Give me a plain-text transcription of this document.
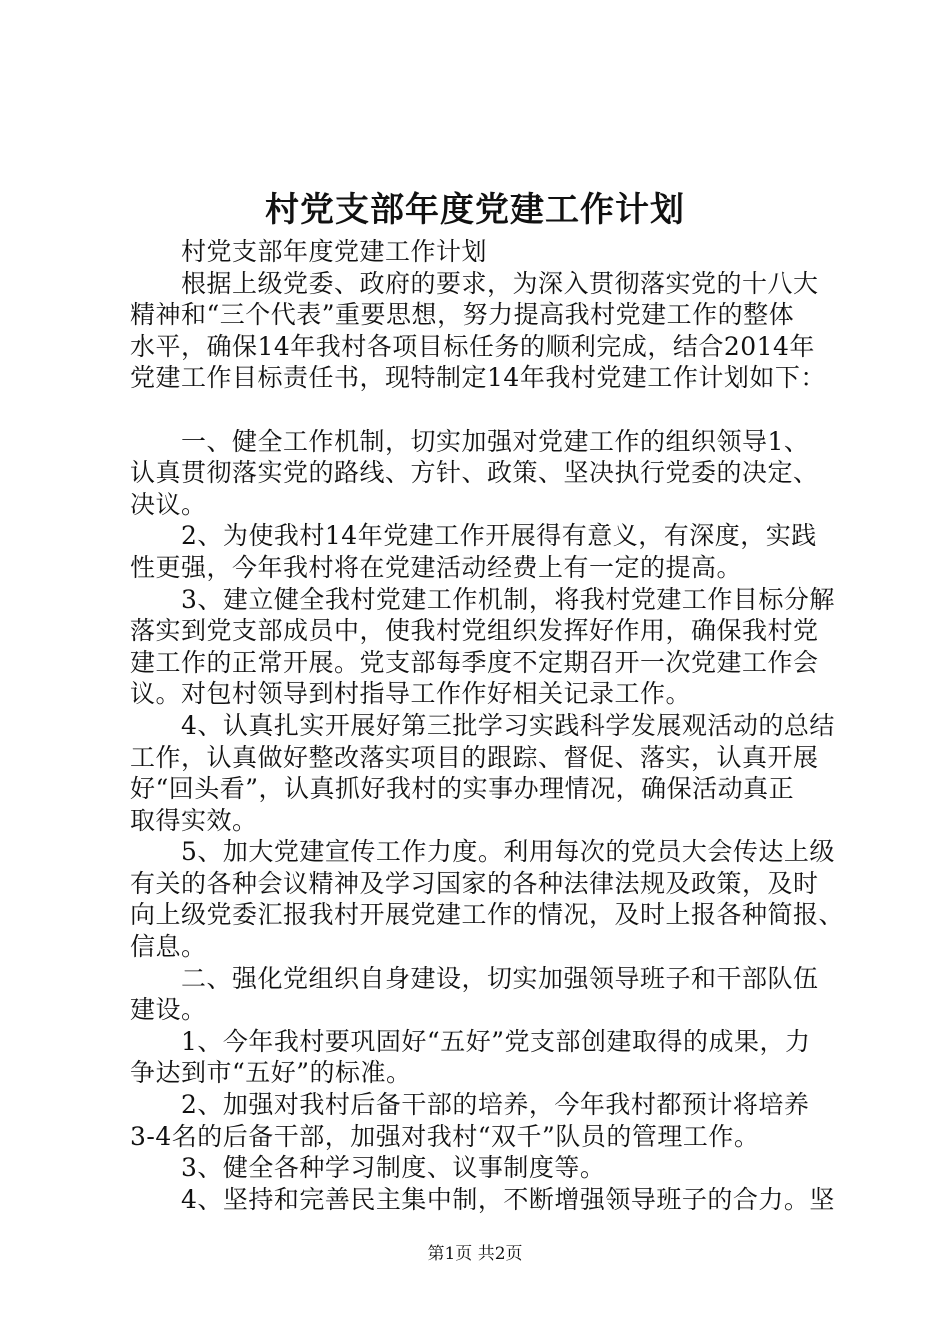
村党支部年度党建工作计划
　　村党支部年度党建工作计划
　　根据上级党委、政府的要求，为深入贯彻落实党的十八大
精神和“三个代表”重要思想，努力提高我村党建工作的整体
水平，确保14年我村各项目标任务的顺利完成，结合2014年
党建工作目标责任书，现特制定14年我村党建工作计划如下：
　　一、健全工作机制，切实加强对党建工作的组织领导1、
认真贯彻落实党的路线、方针、政策、坚决执行党委的决定、
决议。
　　2、为使我村14年党建工作开展得有意义，有深度，实践
性更强，今年我村将在党建活动经费上有一定的提高。
　　3、建立健全我村党建工作机制，将我村党建工作目标分解
落实到党支部成员中，使我村党组织发挥好作用，确保我村党
建工作的正常开展。党支部每季度不定期召开一次党建工作会
议。对包村领导到村指导工作作好相关记录工作。
　　4、认真扎实开展好第三批学习实践科学发展观活动的总结
工作，认真做好整改落实项目的跟踪、督促、落实，认真开展
好“回头看”，认真抓好我村的实事办理情况，确保活动真正
取得实效。
　　5、加大党建宣传工作力度。利用每次的党员大会传达上级
有关的各种会议精神及学习国家的各种法律法规及政策，及时
向上级党委汇报我村开展党建工作的情况，及时上报各种简报、
信息。
　　二、强化党组织自身建设，切实加强领导班子和干部队伍
建设。
　　1、今年我村要巩固好“五好”党支部创建取得的成果，力
争达到市“五好”的标准。
　　2、加强对我村后备干部的培养，今年我村都预计将培养
3-4名的后备干部，加强对我村“双千”队员的管理工作。
　　3、健全各种学习制度、议事制度等。
　　4、坚持和完善民主集中制，不断增强领导班子的合力。坚
第1页 共2页
